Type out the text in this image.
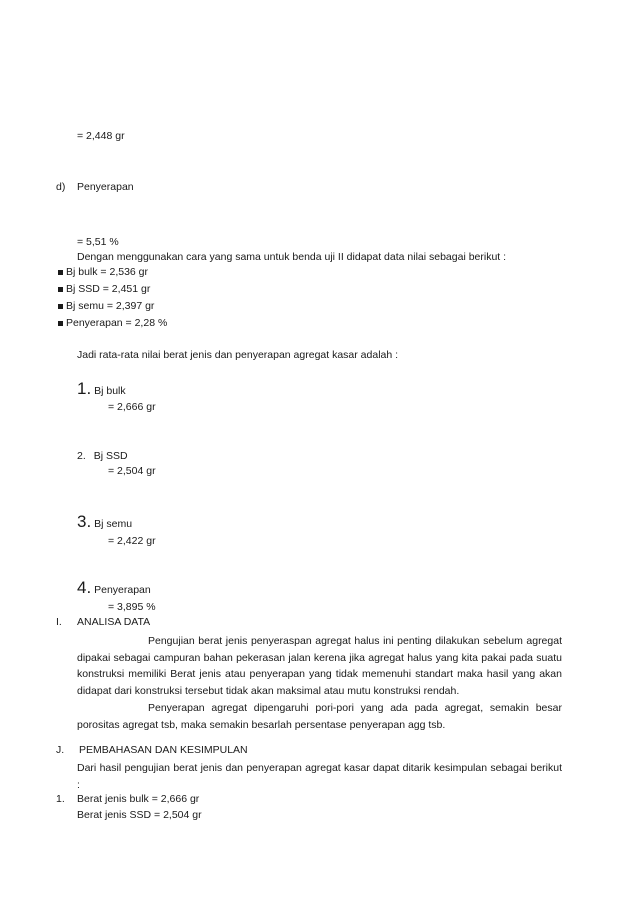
= 2,448 gr
d) Penyerapan
= 5,51 %
Dengan menggunakan cara yang sama untuk benda uji II didapat data nilai sebagai berikut :
Bj bulk = 2,536 gr
Bj SSD = 2,451 gr
Bj semu = 2,397 gr
Penyerapan = 2,28 %
Jadi rata-rata nilai berat jenis dan penyerapan agregat kasar adalah :
1. Bj bulk
= 2,666 gr
2. Bj SSD
= 2,504 gr
3. Bj semu
= 2,422 gr
4. Penyerapan
= 3,895 %
I. ANALISA DATA
Pengujian berat jenis penyeraspan agregat halus ini penting dilakukan sebelum agregat dipakai sebagai campuran bahan pekerasan jalan kerena jika agregat halus yang kita pakai pada suatu konstruksi memiliki Berat jenis atau penyerapan yang tidak memenuhi standart maka hasil yang akan didapat dari konstruksi tersebut tidak akan maksimal atau mutu konstruksi rendah.
Penyerapan agregat dipengaruhi pori-pori yang ada pada agregat, semakin besar porositas agregat tsb, maka semakin besarlah persentase penyerapan agg tsb.
J. PEMBAHASAN DAN KESIMPULAN
Dari hasil pengujian berat jenis dan penyerapan agregat kasar dapat ditarik kesimpulan sebagai berikut :
1. Berat jenis bulk = 2,666 gr
Berat jenis SSD = 2,504 gr
